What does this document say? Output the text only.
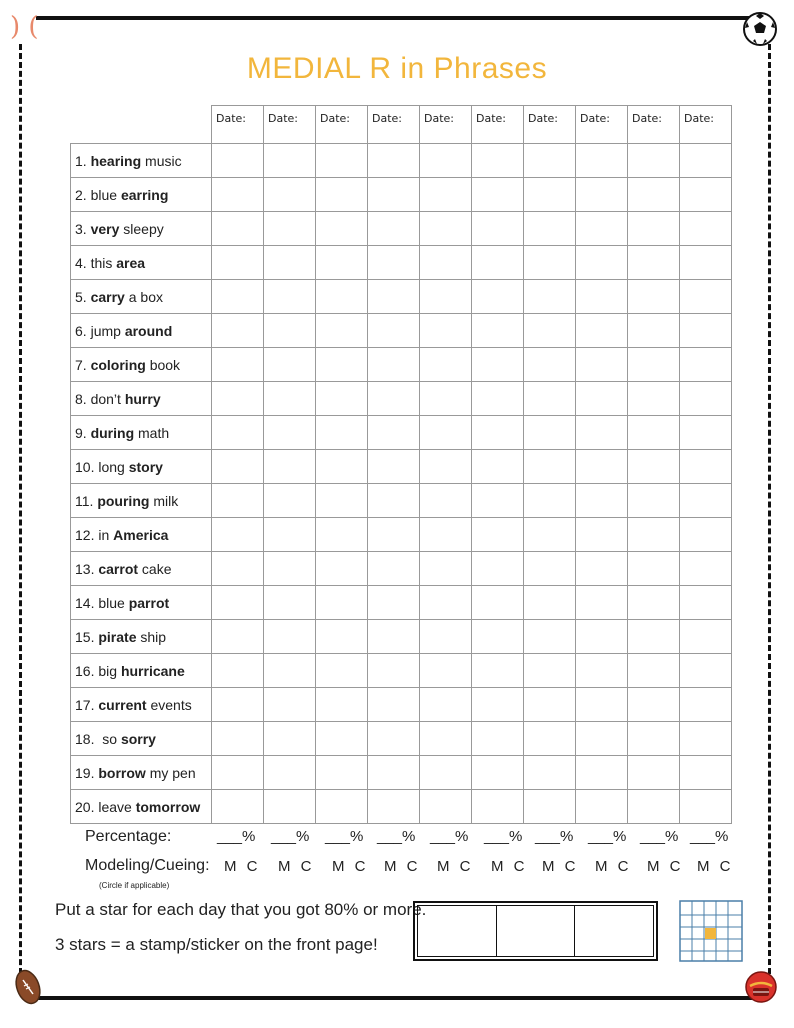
) (
MEDIAL R in Phrases
	Date:	Date:	Date:	Date:	Date:	Date:	Date:	Date:	Date:	Date:
1. hearing music										
2. blue earring										
3. very sleepy										
4. this area										
5. carry a box										
6. jump around										
7. coloring book										
8. don’t hurry										
9. during math										
10. long story										
11. pouring milk										
12. in America										
13. carrot cake										
14. blue parrot										
15. pirate ship										
16. big hurricane										
17. current events										
18.  so sorry										
19. borrow my pen										
20. leave tomorrow										
Percentage:	___% ___% ___% ___% ___% ___% ___% ___% ___% ___%
Modeling/Cueing: M C M C M C M C M C M C M C M C M C M C
(Circle if applicable)
Put a star for each day that you got 80% or more.
3 stars = a stamp/sticker on the front page!
